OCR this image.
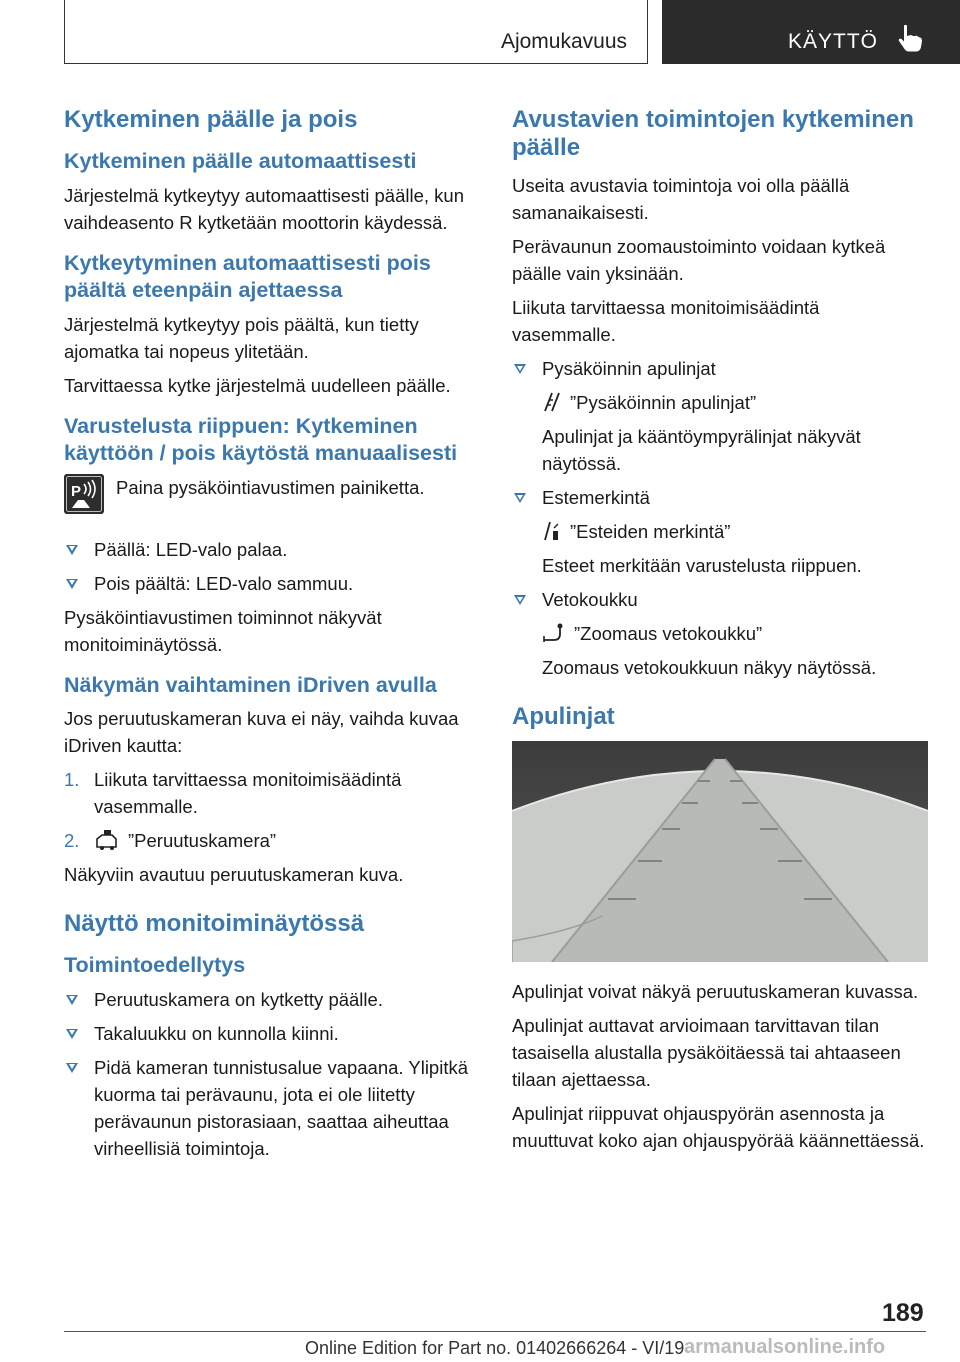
Ajomukavuus	KÄYTTÖ
Kytkeminen päälle ja pois
Kytkeminen päälle automaattisesti

Järjestelmä kytkeytyy automaattisesti päälle, kun vaihdeasento R kytketään moottorin käydessä.

Kytkeytyminen automaattisesti pois päältä eteenpäin ajettaessa

Järjestelmä kytkeytyy pois päältä, kun tietty ajomatka tai nopeus ylitetään.

Tarvittaessa kytke järjestelmä uudelleen päälle.

Varustelusta riippuen: Kytkeminen käyttöön / pois käytöstä manuaalisesti
P Paina pysäköintiavustimen painiketta.
Päällä: LED-valo palaa.
Pois päältä: LED-valo sammuu.

Pysäköintiavustimen toiminnot näkyvät monitoiminäytössä.

Näkymän vaihtaminen iDriven avulla

Jos peruutuskameran kuva ei näy, vaihda kuvaa iDriven kautta:

1. Liikuta tarvittaessa monitoimisäädintä vasemmalle.
2.	”Peruutuskamera”

Näkyviin avautuu peruutuskameran kuva.

Näyttö monitoiminäytössä
Toimintoedellytys
Peruutuskamera on kytketty päälle.
Takaluukku on kunnolla kiinni.
Pidä kameran tunnistusalue vapaana. Ylipitkä kuorma tai perävaunu, jota ei ole liitetty perävaunun pistorasiaan, saattaa aiheuttaa virheellisiä toimintoja.
Avustavien toimintojen kytkeminen päälle

Useita avustavia toimintoja voi olla päällä samanaikaisesti.

Perävaunun zoomaustoiminto voidaan kytkeä päälle vain yksinään.

Liikuta tarvittaessa monitoimisäädintä vasemmalle.

Pysäköinnin apulinjat
”Pysäköinnin apulinjat”
Apulinjat ja kääntöympyrälinjat näkyvät näytössä.
Estemerkintä
”Esteiden merkintä”
Esteet merkitään varustelusta riippuen.
Vetokoukku
”Zoomaus vetokoukku”
Zoomaus vetokoukkuun näkyy näytössä.
Apulinjat

Apulinjat voivat näkyä peruutuskameran kuvassa.

Apulinjat auttavat arvioimaan tarvittavan tilan tasaisella alustalla pysäköitäessä tai ahtaaseen tilaan ajettaessa.

Apulinjat riippuvat ohjauspyörän asennosta ja muuttuvat koko ajan ohjauspyörää käännettäessä.

189
Online Edition for Part no. 01402666264 - VI/19 armanualsonline.info
